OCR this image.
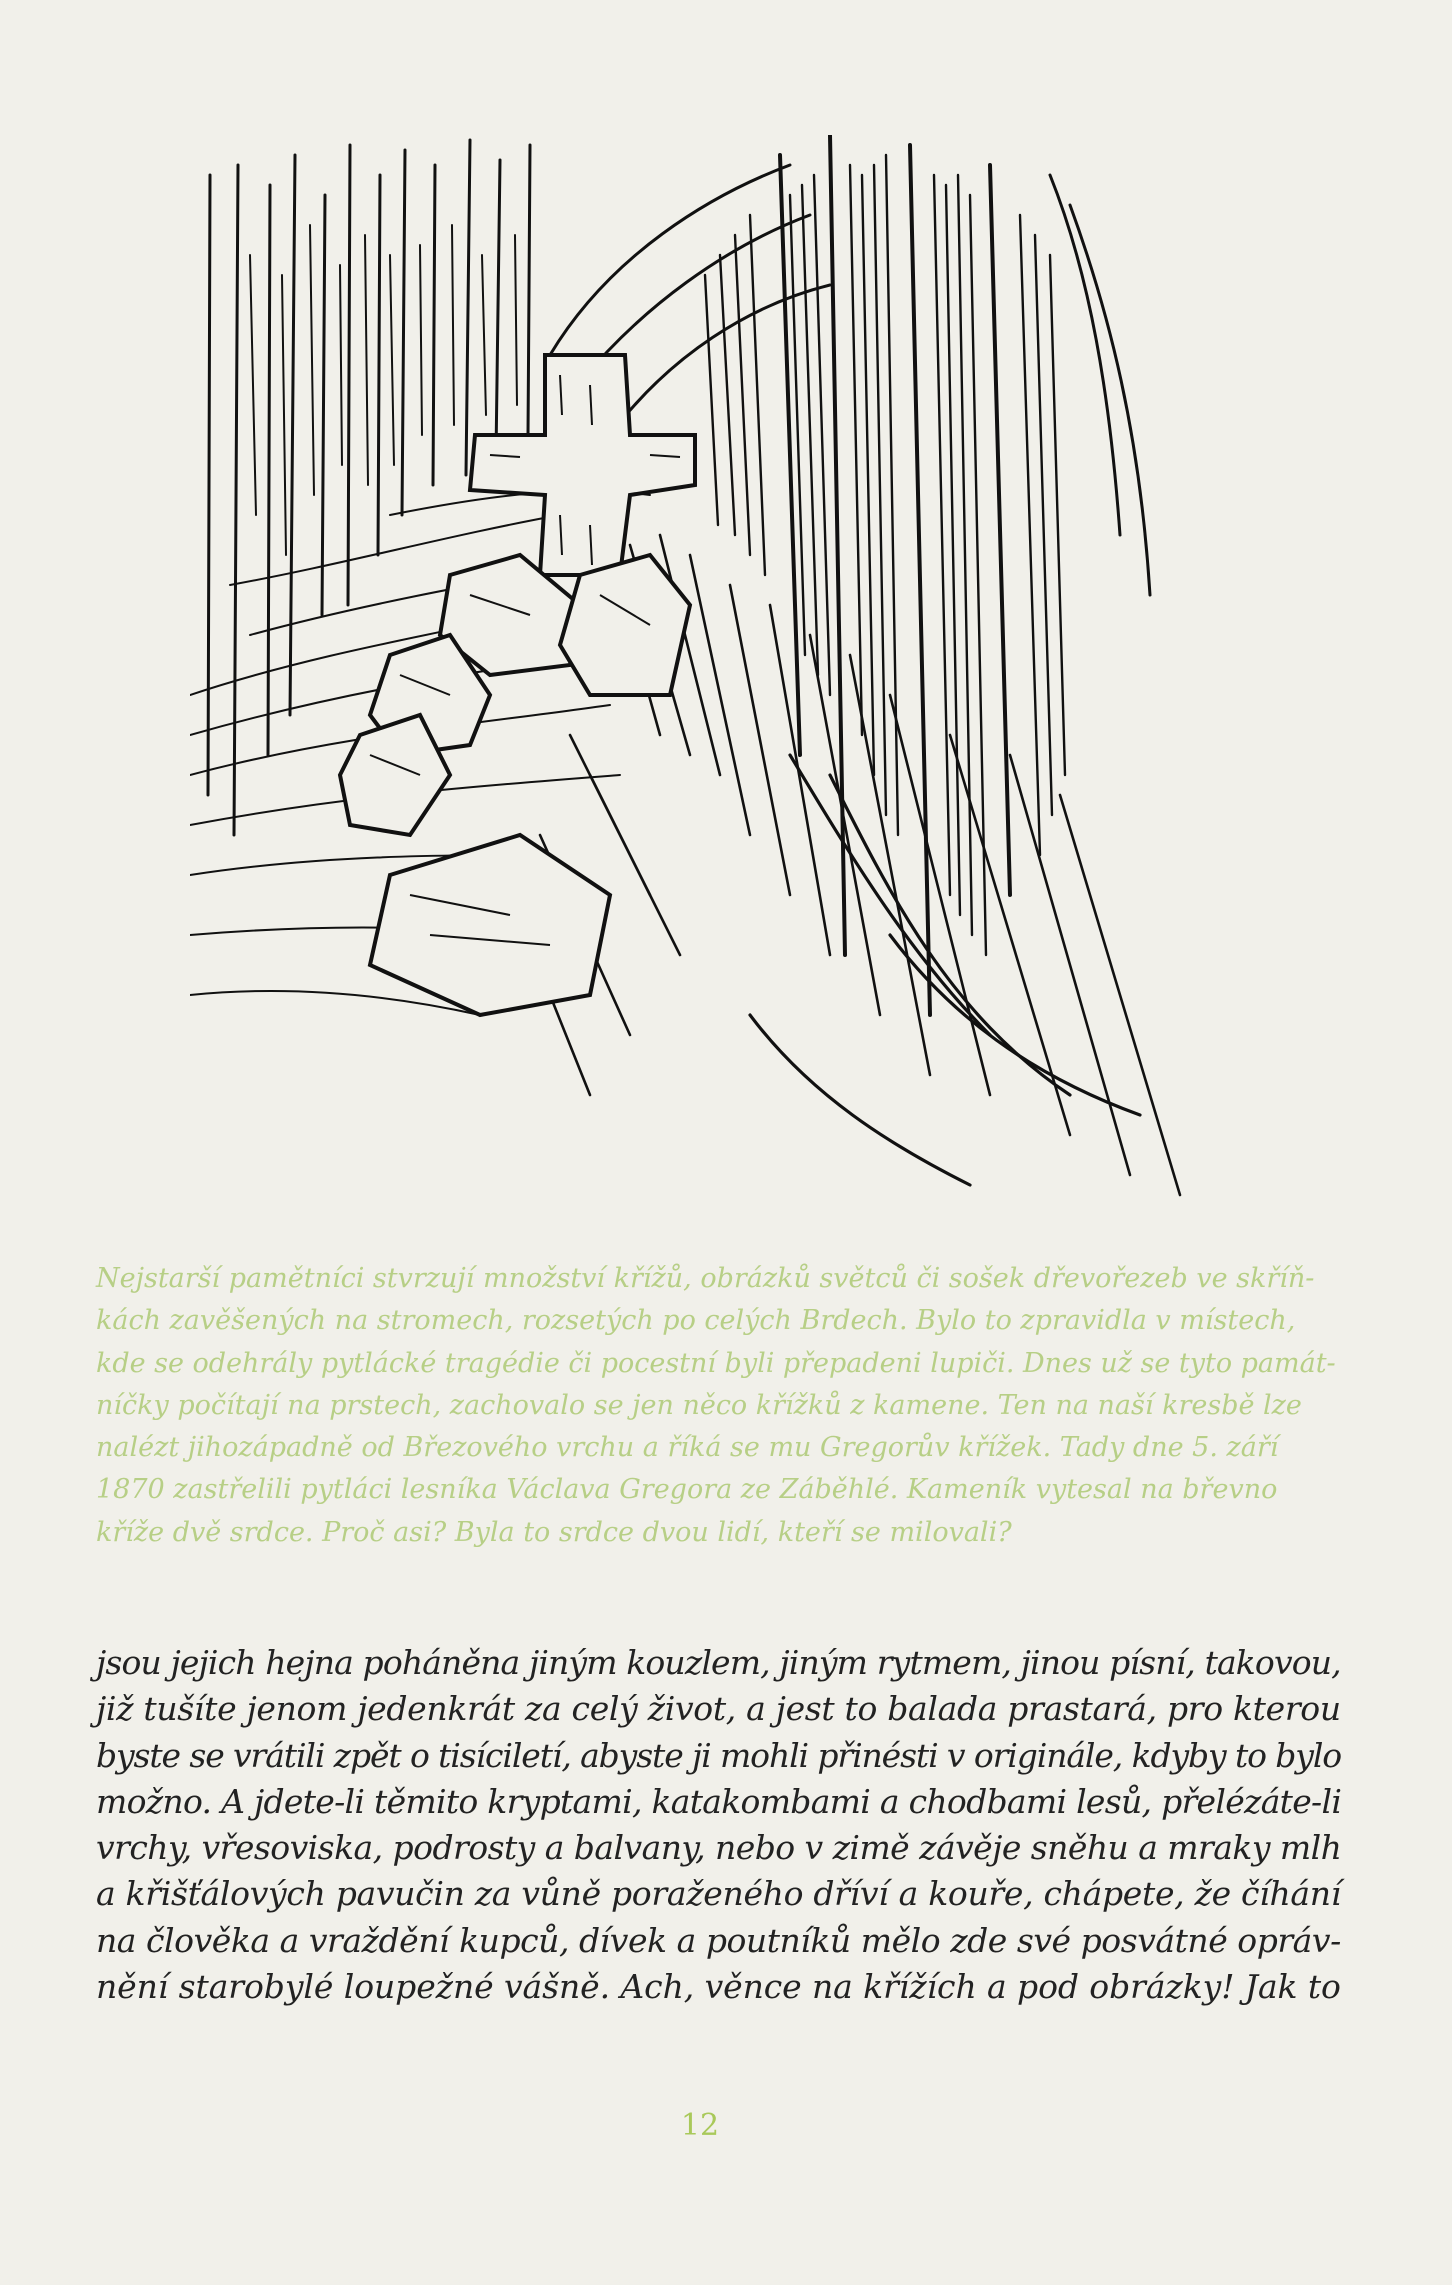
Nejstarší pamětníci stvrzují množství křížů, obrázků světců či sošek dřevořezeb ve skříň-
kách zavěšených na stromech, rozsetých po celých Brdech. Bylo to zpravidla v místech,
kde se odehrály pytlácké tragédie či pocestní byli přepadeni lupiči. Dnes už se tyto památ-
níčky počítají na prstech, zachovalo se jen něco křížků z kamene. Ten na naší kresbě lze
nalézt jihozápadně od Březového vrchu a říká se mu Gregorův křížek. Tady dne 5. září
1870 zastřelili pytláci lesníka Václava Gregora ze Záběhlé. Kameník vytesal na břevno
kříže dvě srdce. Proč asi? Byla to srdce dvou lidí, kteří se milovali?
jsou jejich hejna poháněna jiným kouzlem, jiným rytmem, jinou písní, takovou,
již tušíte jenom jedenkrát za celý život, a jest to balada prastará, pro kterou
byste se vrátili zpět o tisíciletí, abyste ji mohli přinésti v originále, kdyby to bylo
možno. A jdete-li těmito kryptami, katakombami a chodbami lesů, přelézáte-li
vrchy, vřesoviska, podrosty a balvany, nebo v zimě závěje sněhu a mraky mlh
a křišťálových pavučin za vůně poraženého dříví a kouře, chápete, že číhání
na člověka a vraždění kupců, dívek a poutníků mělo zde své posvátné opráv-
nění starobylé loupežné vášně. Ach, věnce na křížích a pod obrázky! Jak to
12
